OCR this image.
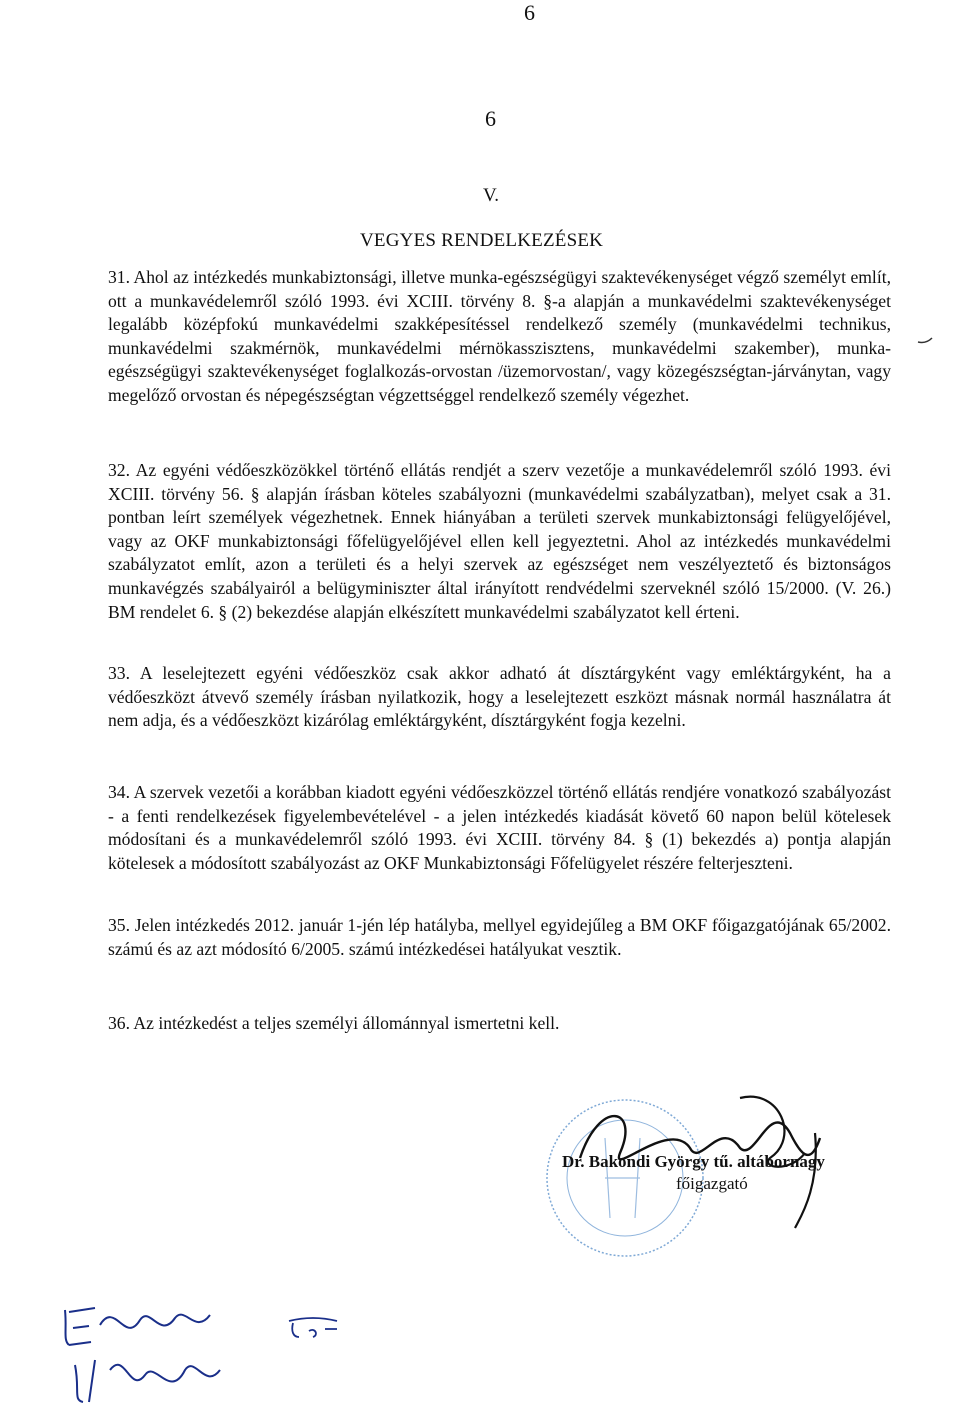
6
6
V.
VEGYES RENDELKEZÉSEK

31. Ahol az intézkedés munkabiztonsági, illetve munka-egészségügyi szaktevékenységet végző személyt említ, ott a munkavédelemről szóló 1993. évi XCIII. törvény 8. §-a alapján a munkavédelmi szaktevékenységet legalább középfokú munkavédelmi szakképesítéssel rendelkező személy (munkavédelmi technikus, munkavédelmi szakmérnök, munkavédelmi mérnökasszisztens, munkavédelmi szakember), munka-egészségügyi szaktevékenységet foglalkozás-orvostan /üzemorvostan/, vagy közegészségtan-járványtan, vagy megelőző orvostan és népegészségtan végzettséggel rendelkező személy végezhet.

32. Az egyéni védőeszközökkel történő ellátás rendjét a szerv vezetője a munkavédelemről szóló 1993. évi XCIII. törvény 56. § alapján írásban köteles szabályozni (munkavédelmi szabályzatban), melyet csak a 31. pontban leírt személyek végezhetnek. Ennek hiányában a területi szervek munkabiztonsági felügyelőjével, vagy az OKF munkabiztonsági főfelügyelőjével ellen kell jegyeztetni. Ahol az intézkedés munkavédelmi szabályzatot említ, azon a területi és a helyi szervek az egészséget nem veszélyeztető és biztonságos munkavégzés szabályairól a belügyminiszter által irányított rendvédelmi szerveknél szóló 15/2000. (V. 26.) BM rendelet 6. § (2) bekezdése alapján elkészített munkavédelmi szabályzatot kell érteni.

33. A leselejtezett egyéni védőeszköz csak akkor adható át dísztárgyként vagy emléktárgyként, ha a védőeszközt átvevő személy írásban nyilatkozik, hogy a leselejtezett eszközt másnak normál használatra át nem adja, és a védőeszközt kizárólag emléktárgyként, dísztárgyként fogja kezelni.

34. A szervek vezetői a korábban kiadott egyéni védőeszközzel történő ellátás rendjére vonatkozó szabályozást - a fenti rendelkezések figyelembevételével - a jelen intézkedés kiadását követő 60 napon belül kötelesek módosítani és a munkavédelemről szóló 1993. évi XCIII. törvény 84. § (1) bekezdés a) pontja alapján kötelesek a módosított szabályozást az OKF Munkabiztonsági Főfelügyelet részére felterjeszteni.

35. Jelen intézkedés 2012. január 1-jén lép hatályba, mellyel egyidejűleg a BM OKF főigazgatójának 65/2002. számú és az azt módosító 6/2005. számú intézkedései hatályukat vesztik.

36. Az intézkedést a teljes személyi állománnyal ismertetni kell.

Dr. Bakondi György tű. altábornagy
főigazgató
